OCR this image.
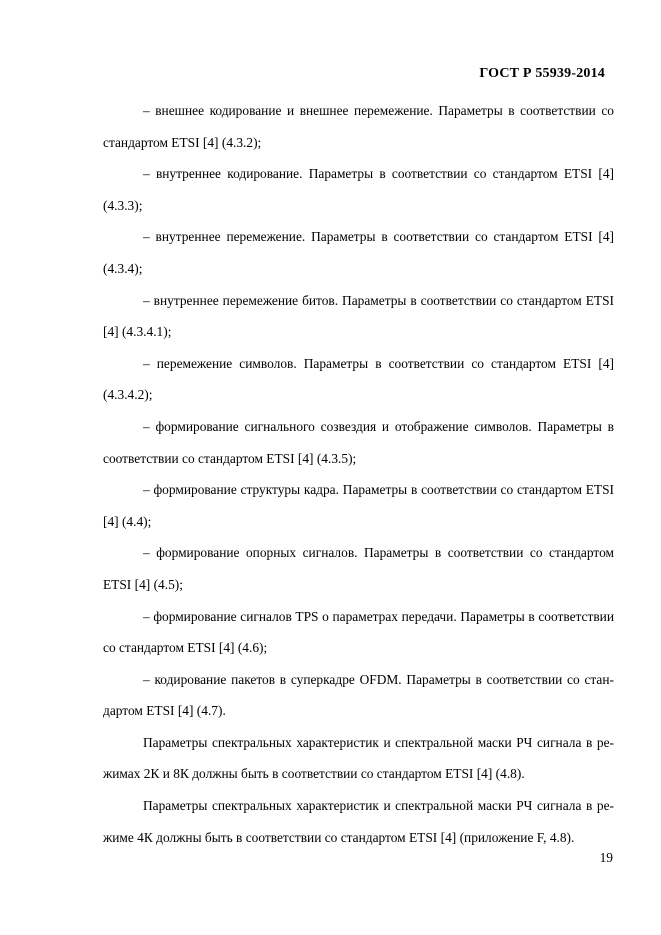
ГОСТ Р 55939-2014

– внешнее кодирование и внешнее перемежение. Параметры в соответствии со стандартом ETSI [4] (4.3.2);

– внутреннее кодирование. Параметры в соответствии со стандартом ETSI [4] (4.3.3);

– внутреннее перемежение. Параметры в соответствии со стандартом ETSI [4] (4.3.4);

– внутреннее перемежение битов. Параметры в соответствии со стандартом ETSI [4] (4.3.4.1);

– перемежение символов. Параметры в соответствии со стандартом ETSI [4] (4.3.4.2);

– формирование сигнального созвездия и отображение символов. Параметры в соответствии со стандартом ETSI [4] (4.3.5);

– формирование структуры кадра. Параметры в соответствии со стандартом ETSI [4] (4.4);

– формирование опорных сигналов. Параметры в соответствии со стандартом ETSI [4] (4.5);

– формирование сигналов TPS о параметрах передачи. Параметры в соответствии со стандартом ETSI [4] (4.6);

– кодирование пакетов в суперкадре OFDM. Параметры в соответствии со стандартом ETSI [4] (4.7).

Параметры спектральных характеристик и спектральной маски РЧ сигнала в режимах 2К и 8К должны быть в соответствии со стандартом ETSI [4] (4.8).

Параметры спектральных характеристик и спектральной маски РЧ сигнала в режиме 4К должны быть в соответствии со стандартом ETSI [4] (приложение F, 4.8).

19
